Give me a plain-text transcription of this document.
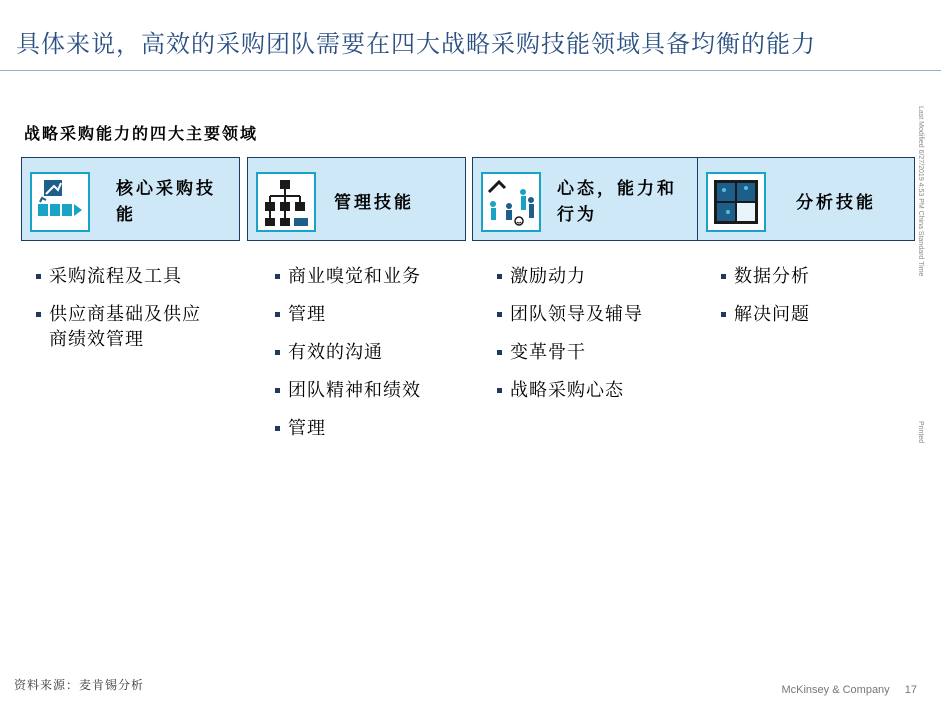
具体来说，高效的采购团队需要在四大战略采购技能领域具备均衡的能力
战略采购能力的四大主要领域
核心采购技
能
管理技能
心态，能力和
行为
分析技能
采购流程及工具
供应商基础及供应
商绩效管理
商业嗅觉和业务
管理
有效的沟通
团队精神和绩效
管理
激励动力
团队领导及辅导
变革骨干
战略采购心态
数据分析
解决问题
Last Modified 6/27/2019 4:53 PM China Standard Time
Printed
资料来源：麦肯锡分析	McKinsey & Company 17
